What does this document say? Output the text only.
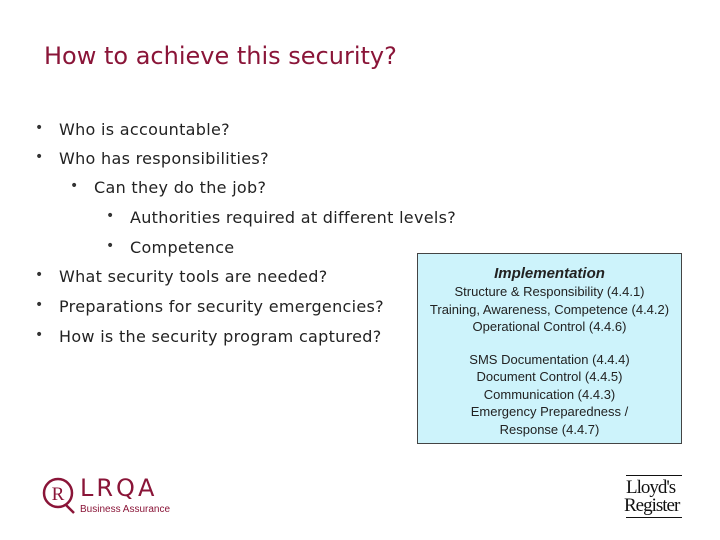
How to achieve this security?
• Who is accountable?
• Who has responsibilities?
• Can they do the job?
• Authorities required at different levels?
• Competence
• What security tools are needed?
• Preparations for security emergencies?
• How is the security program captured?
Implementation
Structure & Responsibility (4.4.1)
Training, Awareness, Competence (4.4.2)
Operational Control (4.4.6)
SMS Documentation (4.4.4)
Document Control (4.4.5)
Communication (4.4.3)
Emergency Preparedness /
Response (4.4.7)
R LRQA
Business Assurance
Lloyd's
Register
